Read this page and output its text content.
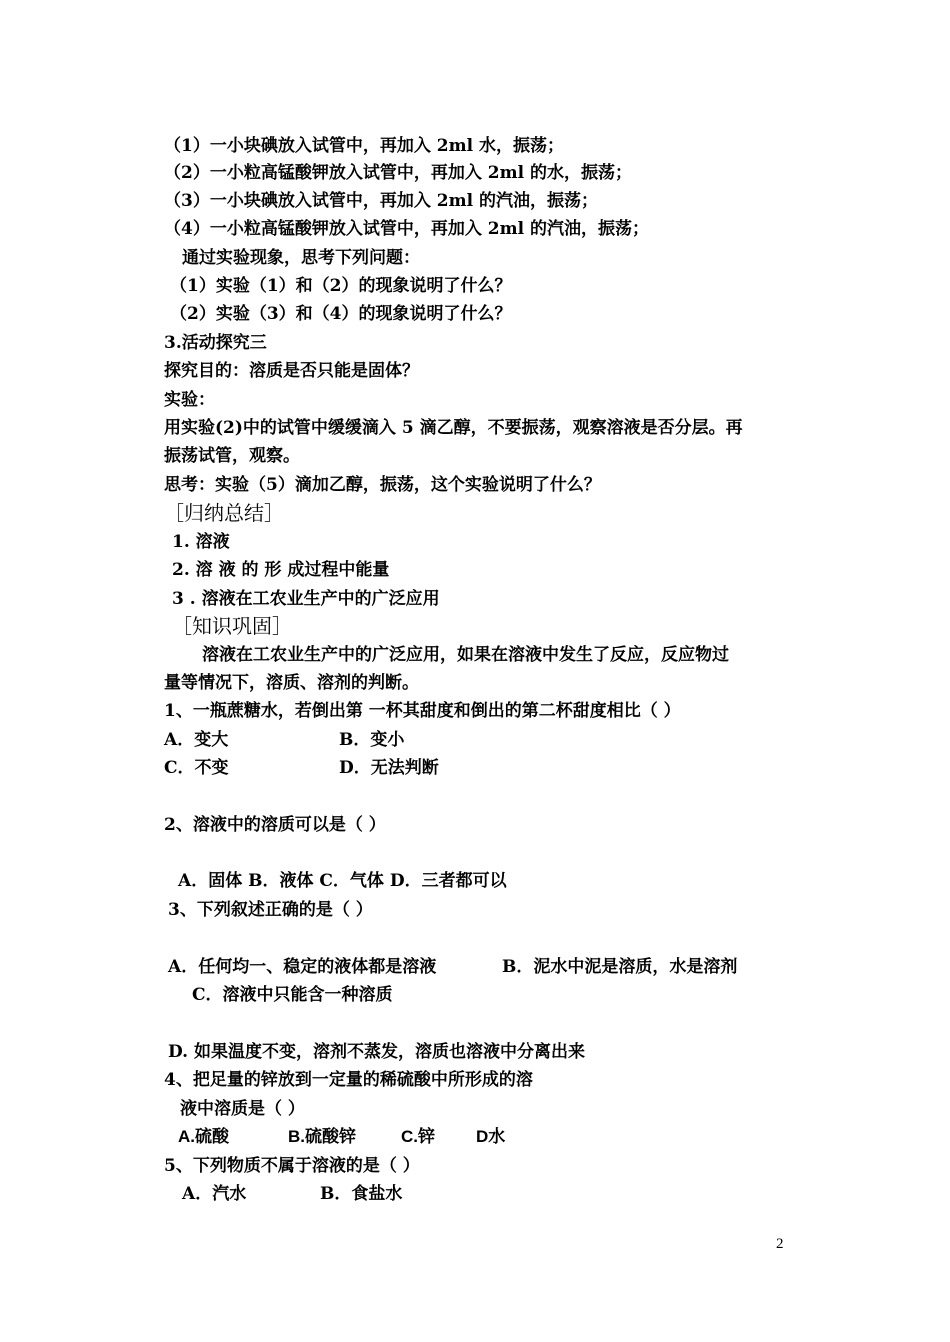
（1）一小块碘放入试管中，再加入 2ml 水，振荡；
（2）一小粒高锰酸钾放入试管中，再加入 2ml 的水，振荡；
（3）一小块碘放入试管中，再加入 2ml 的汽油，振荡；
（4）一小粒高锰酸钾放入试管中，再加入 2ml 的汽油，振荡；
通过实验现象，思考下列问题：
（1）实验（1）和（2）的现象说明了什么？
（2）实验（3）和（4）的现象说明了什么？
3.活动探究三
探究目的：溶质是否只能是固体？
实验：
用实验(2)中的试管中缓缓滴入 5 滴乙醇，不要振荡，观察溶液是否分层。再
振荡试管，观察。
思考：实验（5）滴加乙醇，振荡，这个实验说明了什么？
［归纳总结］
1. 溶液
2. 溶 液 的 形 成过程中能量
3 . 溶液在工农业生产中的广泛应用
［知识巩固］
溶液在工农业生产中的广泛应用，如果在溶液中发生了反应，反应物过
量等情况下，溶质、溶剂的判断。
1、一瓶蔗糖水，若倒出第 一杯其甜度和倒出的第二杯甜度相比（ ）
A．变大	B．变小
C．不变	D．无法判断
2、溶液中的溶质可以是（ ）
A．固体 B．液体 C．气体 D．三者都可以
3、下列叙述正确的是（ ）
A．任何均一、稳定的液体都是溶液	B．泥水中泥是溶质，水是溶剂
C．溶液中只能含一种溶质
D. 如果温度不变，溶剂不蒸发，溶质也溶液中分离出来
4、把足量的锌放到一定量的稀硫酸中所形成的溶
液中溶质是（ ）
A.硫酸	B.硫酸锌	C.锌 D水
5、下列物质不属于溶液的是（ ）
A．汽水	B．食盐水
2
